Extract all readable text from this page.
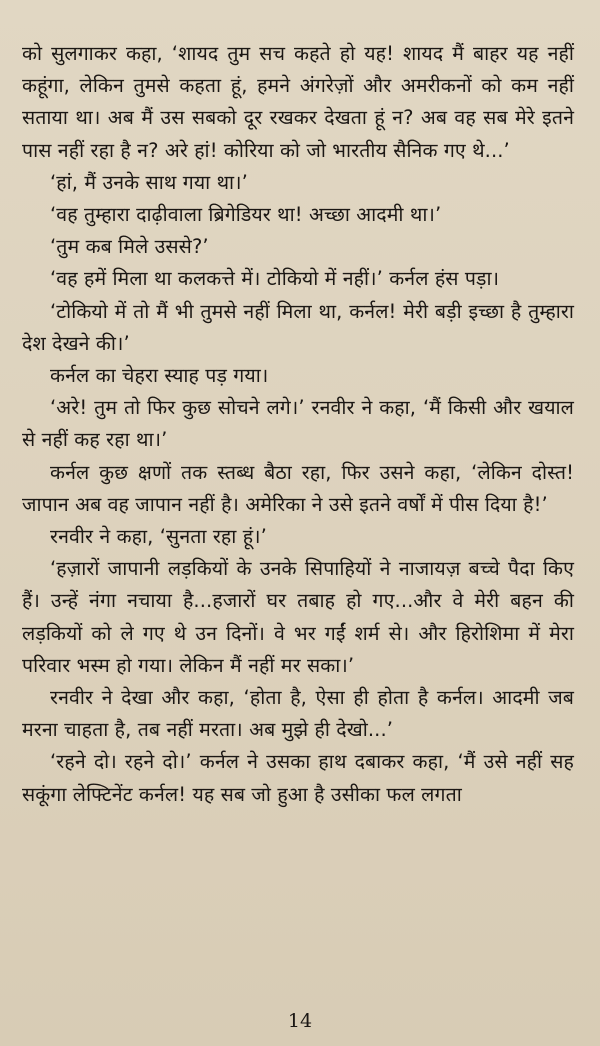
को सुलगाकर कहा, ‘शायद तुम सच कहते हो यह! शायद मैं बाहर यह नहीं कहूंगा, लेकिन तुमसे कहता हूं, हमने अंगरेज़ों और अमरीकनों को कम नहीं सताया था। अब मैं उस सबको दूर रखकर देखता हूं न? अब वह सब मेरे इतने पास नहीं रहा है न? अरे हां! कोरिया को जो भारतीय सैनिक गए थे...’

‘हां, मैं उनके साथ गया था।’

‘वह तुम्हारा दाढ़ीवाला ब्रिगेडियर था! अच्छा आदमी था।’

‘तुम कब मिले उससे?’

‘वह हमें मिला था कलकत्ते में। टोकियो में नहीं।’ कर्नल हंस पड़ा।

‘टोकियो में तो मैं भी तुमसे नहीं मिला था, कर्नल! मेरी बड़ी इच्छा है तुम्हारा देश देखने की।’

कर्नल का चेहरा स्याह पड़ गया।

‘अरे! तुम तो फिर कुछ सोचने लगे।’ रनवीर ने कहा, ‘मैं किसी और खयाल से नहीं कह रहा था।’

कर्नल कुछ क्षणों तक स्तब्ध बैठा रहा, फिर उसने कहा, ‘लेकिन दोस्त! जापान अब वह जापान नहीं है। अमेरिका ने उसे इतने वर्षों में पीस दिया है!’

रनवीर ने कहा, ‘सुनता रहा हूं।’

‘हज़ारों जापानी लड़कियों के उनके सिपाहियों ने नाजायज़ बच्चे पैदा किए हैं। उन्हें नंगा नचाया है...हजारों घर तबाह हो गए...और वे मेरी बहन की लड़कियों को ले गए थे उन दिनों। वे भर गईं शर्म से। और हिरोशिमा में मेरा परिवार भस्म हो गया। लेकिन मैं नहीं मर सका।’

रनवीर ने देखा और कहा, ‘होता है, ऐसा ही होता है कर्नल। आदमी जब मरना चाहता है, तब नहीं मरता। अब मुझे ही देखो...’

‘रहने दो। रहने दो।’ कर्नल ने उसका हाथ दबाकर कहा, ‘मैं उसे नहीं सह सकूंगा लेफ्टिनेंट कर्नल! यह सब जो हुआ है उसीका फल लगता

14
